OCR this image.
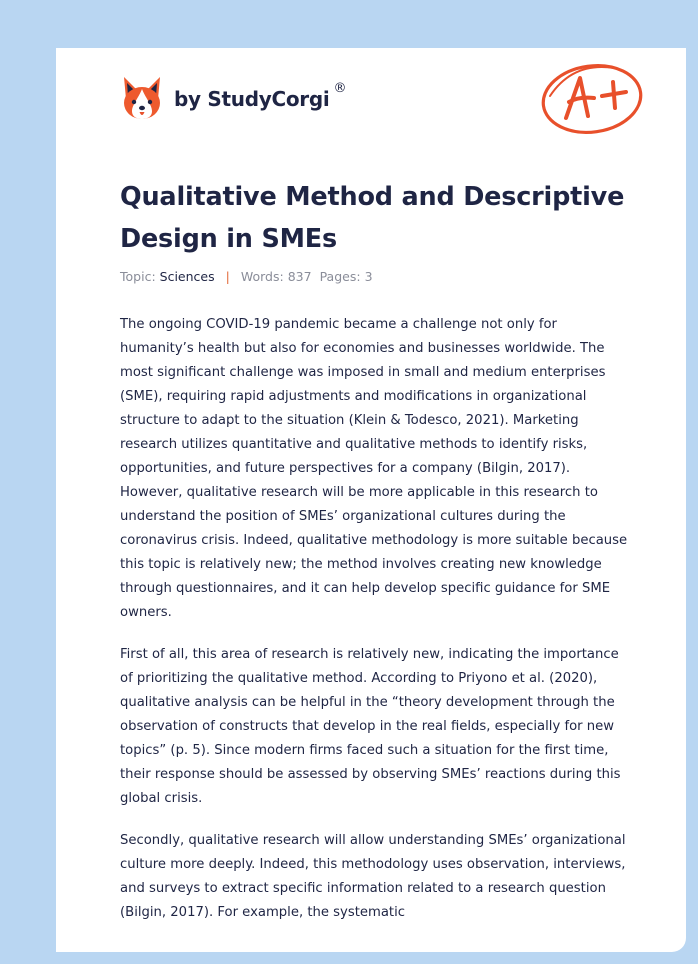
by StudyCorgi ®
Qualitative Method and Descriptive Design in SMEs
Topic: Sciences | Words: 837 Pages: 3

The ongoing COVID-19 pandemic became a challenge not only for humanity’s health but also for economies and businesses worldwide. The most significant challenge was imposed in small and medium enterprises (SME), requiring rapid adjustments and modifications in organizational structure to adapt to the situation (Klein & Todesco, 2021). Marketing research utilizes quantitative and qualitative methods to identify risks, opportunities, and future perspectives for a company (Bilgin, 2017). However, qualitative research will be more applicable in this research to understand the position of SMEs’ organizational cultures during the coronavirus crisis. Indeed, qualitative methodology is more suitable because this topic is relatively new; the method involves creating new knowledge through questionnaires, and it can help develop specific guidance for SME owners.

First of all, this area of research is relatively new, indicating the importance of prioritizing the qualitative method. According to Priyono et al. (2020), qualitative analysis can be helpful in the “theory development through the observation of constructs that develop in the real fields, especially for new topics” (p. 5). Since modern firms faced such a situation for the first time, their response should be assessed by observing SMEs’ reactions during this global crisis.

Secondly, qualitative research will allow understanding SMEs’ organizational culture more deeply. Indeed, this methodology uses observation, interviews, and surveys to extract specific information related to a research question (Bilgin, 2017). For example, the systematic
